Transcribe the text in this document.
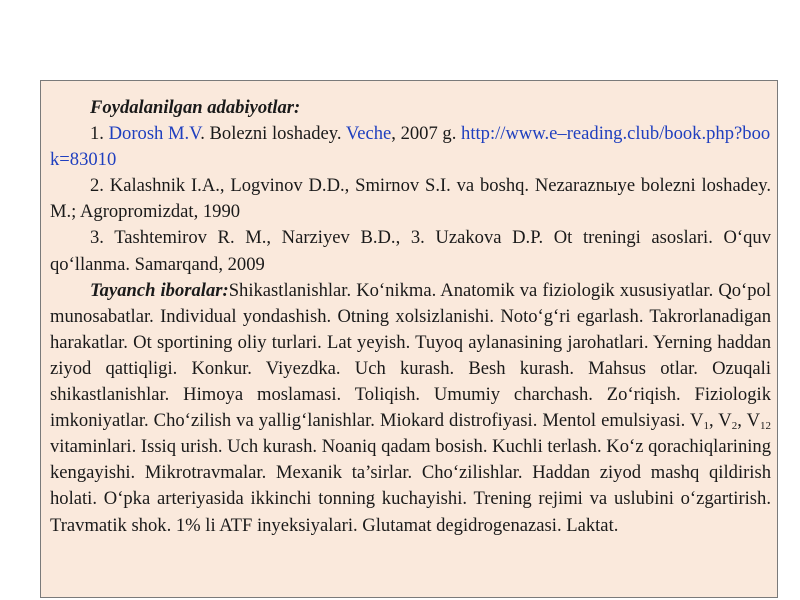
Foydalanilgan adabiyotlar:

1. Dorosh M.V. Bolezni loshadey. Veche, 2007 g. http://www.e–reading.club/book.php?book=83010

2. Kalashnik I.A., Logvinov D.D., Smirnov S.I. va boshq. Nezaraznыye bolezni loshadey. M.; Agropromizdat, 1990

3. Tashtemirov R. M., Narziyev B.D., 3. Uzakova D.P. Ot treningi asoslari. O‘quv qo‘llanma. Samarqand, 2009

Tayanch iboralar:Shikastlanishlar. Ko‘nikma. Anatomik va fiziologik xususiyatlar. Qo‘pol munosabatlar. Individual yondashish. Otning xolsizlanishi. Noto‘g‘ri egarlash. Takrorlanadigan harakatlar. Ot sportining oliy turlari. Lat yeyish. Tuyoq aylanasining jarohatlari. Yerning haddan ziyod qattiqligi. Konkur. Viyezdka. Uch kurash. Besh kurash. Mahsus otlar. Ozuqali shikastlanishlar. Himoya moslamasi. Toliqish. Umumiy charchash. Zo‘riqish. Fiziologik imkoniyatlar. Cho‘zilish va yallig‘lanishlar. Miokard distrofiyasi. Mentol emulsiyasi. $V_1$, $V_2$, $V_{12}$ vitaminlari. Issiq urish. Uch kurash. Noaniq qadam bosish. Kuchli terlash. Ko‘z qorachiqlarining kengayishi. Mikrotravmalar. Mexanik ta’sirlar. Cho‘zilishlar. Haddan ziyod mashq qildirish holati. O‘pka arteriyasida ikkinchi tonning kuchayishi. Trening rejimi va uslubini o‘zgartirish. Travmatik shok. 1% li ATF inyeksiyalari. Glutamat degidrogenazasi. Laktat.
